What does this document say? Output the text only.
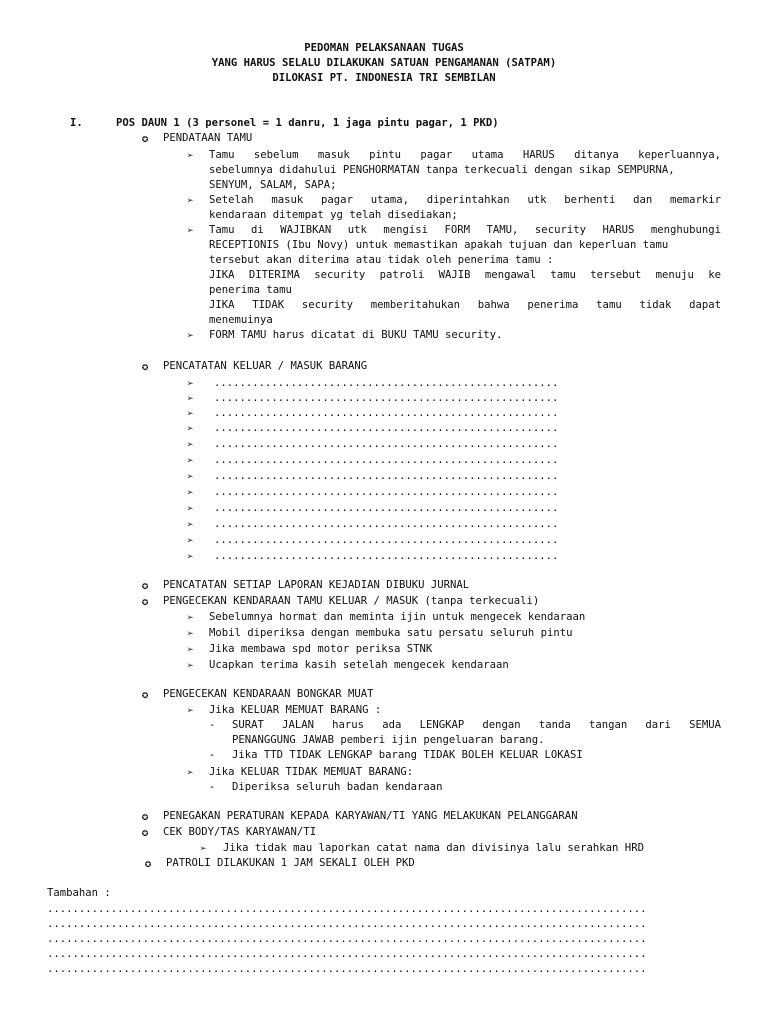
PEDOMAN PELAKSANAAN TUGAS
YANG HARUS SELALU DILAKUKAN SATUAN PENGAMANAN (SATPAM)
DILOKASI PT. INDONESIA TRI SEMBILAN
I.	POS DAUN 1 (3 personel = 1 danru, 1 jaga pintu pagar, 1 PKD)
✪	PENDATAAN TAMU
➢ Tamu sebelum masuk pintu pagar utama HARUS ditanya keperluannya,
sebelumnya didahului PENGHORMATAN tanpa terkecuali dengan sikap SEMPURNA,
SENYUM, SALAM, SAPA;
➢ Setelah masuk pagar utama, diperintahkan utk berhenti dan memarkir
kendaraan ditempat yg telah disediakan;
➢ Tamu di WAJIBKAN utk mengisi FORM TAMU, security HARUS menghubungi
RECEPTIONIS (Ibu Novy) untuk memastikan apakah tujuan dan keperluan tamu
tersebut akan diterima atau tidak oleh penerima tamu :
JIKA DITERIMA security patroli WAJIB mengawal tamu tersebut menuju ke
penerima tamu
JIKA TIDAK security memberitahukan bahwa penerima tamu tidak dapat
menemuinya
➢ FORM TAMU harus dicatat di BUKU TAMU security.
✪	PENCATATAN KELUAR / MASUK BARANG
➢ ......................................................
➢ ......................................................
➢ ......................................................
➢ ......................................................
➢ ......................................................
➢ ......................................................
➢ ......................................................
➢ ......................................................
➢ ......................................................
➢ ......................................................
➢ ......................................................
➢ ......................................................
✪	PENCATATAN SETIAP LAPORAN KEJADIAN DIBUKU JURNAL
✪	PENGECEKAN KENDARAAN TAMU KELUAR / MASUK (tanpa terkecuali)
➢ Sebelumnya hormat dan meminta ijin untuk mengecek kendaraan
➢ Mobil diperiksa dengan membuka satu persatu seluruh pintu
➢ Jika membawa spd motor periksa STNK
➢ Ucapkan terima kasih setelah mengecek kendaraan
✪	PENGECEKAN KENDARAAN BONGKAR MUAT
➢ Jika KELUAR MEMUAT BARANG :
- SURAT JALAN harus ada LENGKAP dengan tanda tangan dari SEMUA
PENANGGUNG JAWAB pemberi ijin pengeluaran barang.
- Jika TTD TIDAK LENGKAP barang TIDAK BOLEH KELUAR LOKASI
➢ Jika KELUAR TIDAK MEMUAT BARANG:
- Diperiksa seluruh badan kendaraan
✪	PENEGAKAN PERATURAN KEPADA KARYAWAN/TI YANG MELAKUKAN PELANGGARAN
✪	CEK BODY/TAS KARYAWAN/TI
➢ Jika tidak mau laporkan catat nama dan divisinya lalu serahkan HRD
✪	PATROLI DILAKUKAN 1 JAM SEKALI OLEH PKD
Tambahan :
..............................................................................................
..............................................................................................
..............................................................................................
..............................................................................................
..............................................................................................
